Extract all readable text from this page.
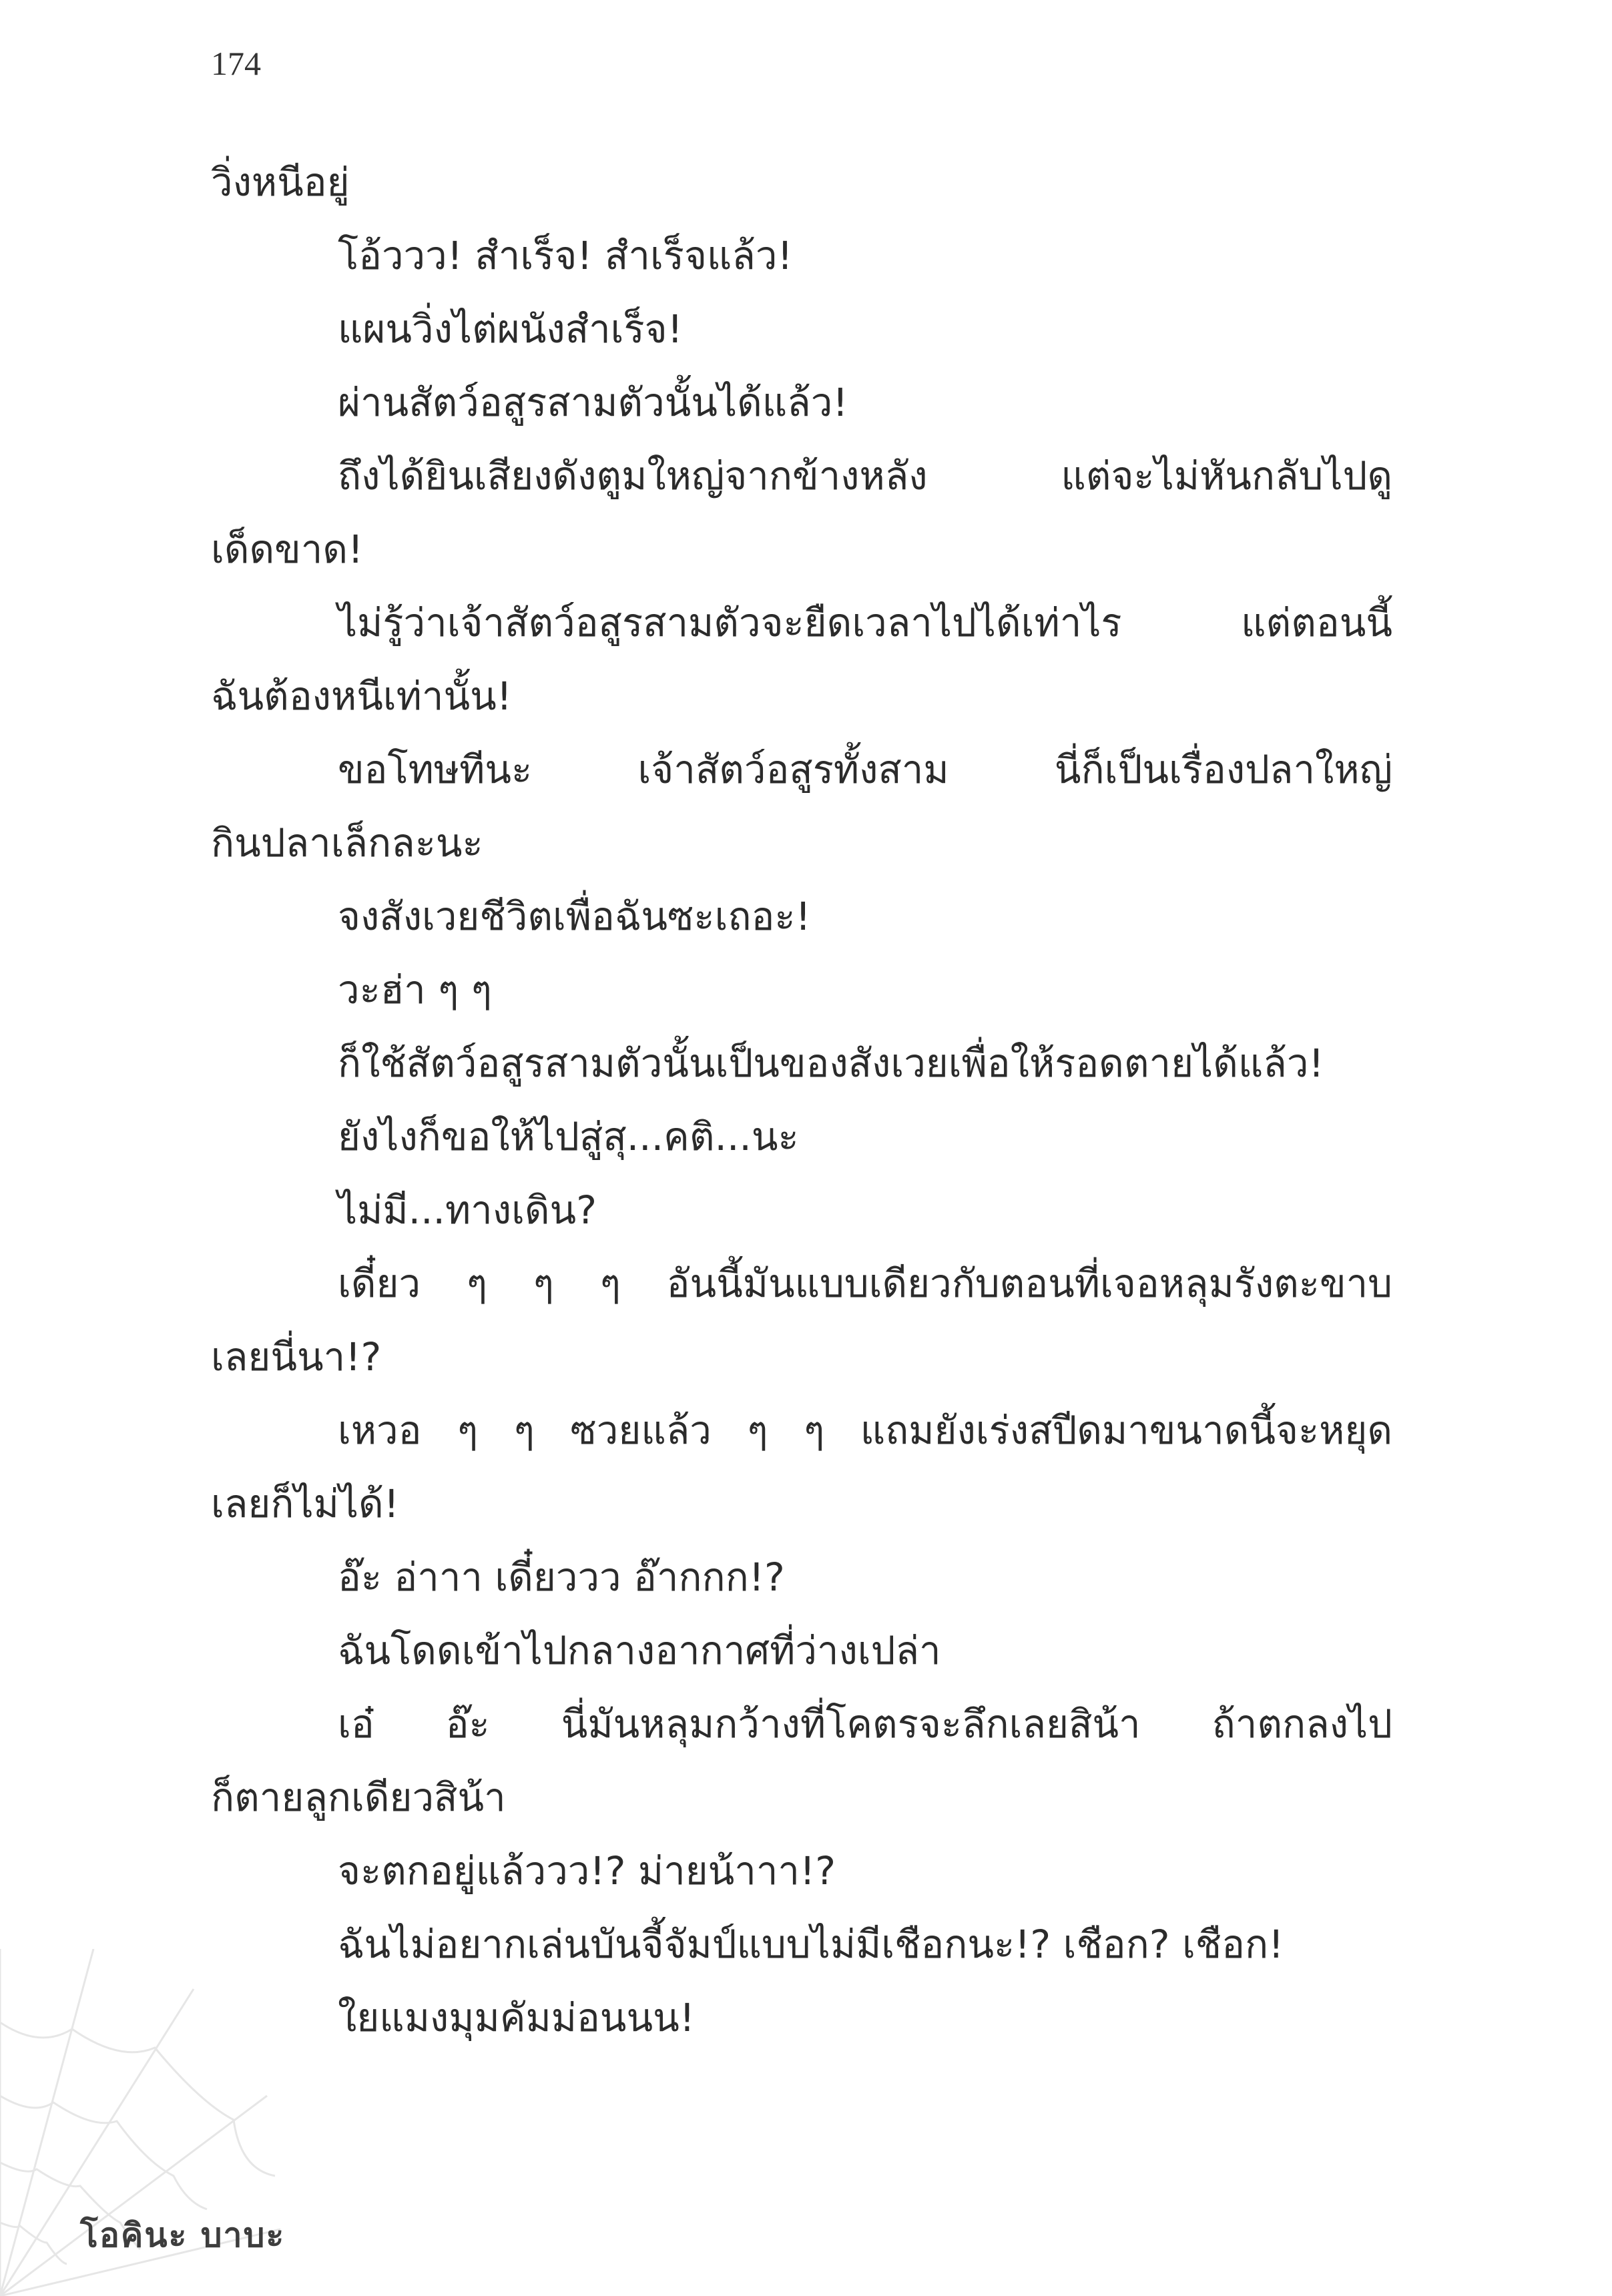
174
วิ่งหนีอยู่
โอ้ววว! สำเร็จ! สำเร็จแล้ว!
แผนวิ่งไต่ผนังสำเร็จ!
ผ่านสัตว์อสูรสามตัวนั้นได้แล้ว!
ถึงได้ยินเสียงดังตูมใหญ่จากข้างหลัง แต่จะไม่หันกลับไปดู
เด็ดขาด!
ไม่รู้ว่าเจ้าสัตว์อสูรสามตัวจะยืดเวลาไปได้เท่าไร แต่ตอนนี้
ฉันต้องหนีเท่านั้น!
ขอโทษทีนะ เจ้าสัตว์อสูรทั้งสาม นี่ก็เป็นเรื่องปลาใหญ่
กินปลาเล็กละนะ
จงสังเวยชีวิตเพื่อฉันซะเถอะ!
วะฮ่า ๆ ๆ
ก็ใช้สัตว์อสูรสามตัวนั้นเป็นของสังเวยเพื่อให้รอดตายได้แล้ว!
ยังไงก็ขอให้ไปสู่สุ...คติ...นะ
ไม่มี...ทางเดิน?
เดี๋ยว ๆ ๆ ๆ อันนี้มันแบบเดียวกับตอนที่เจอหลุมรังตะขาบ
เลยนี่นา!?
เหวอ ๆ ๆ ซวยแล้ว ๆ ๆ แถมยังเร่งสปีดมาขนาดนี้จะหยุด
เลยก็ไม่ได้!
อ๊ะ อ่าาา เดี๋ยววว อ๊ากกก!?
ฉันโดดเข้าไปกลางอากาศที่ว่างเปล่า
เอ๋ อ๊ะ นี่มันหลุมกว้างที่โคตรจะลึกเลยสิน้า ถ้าตกลงไป
ก็ตายลูกเดียวสิน้า
จะตกอยู่แล้ววว!? ม่ายน้าาา!?
ฉันไม่อยากเล่นบันจี้จัมป์แบบไม่มีเชือกนะ!? เชือก? เชือก!
ใยแมงมุมคัมม่อนนน!
โอคินะ บาบะ
